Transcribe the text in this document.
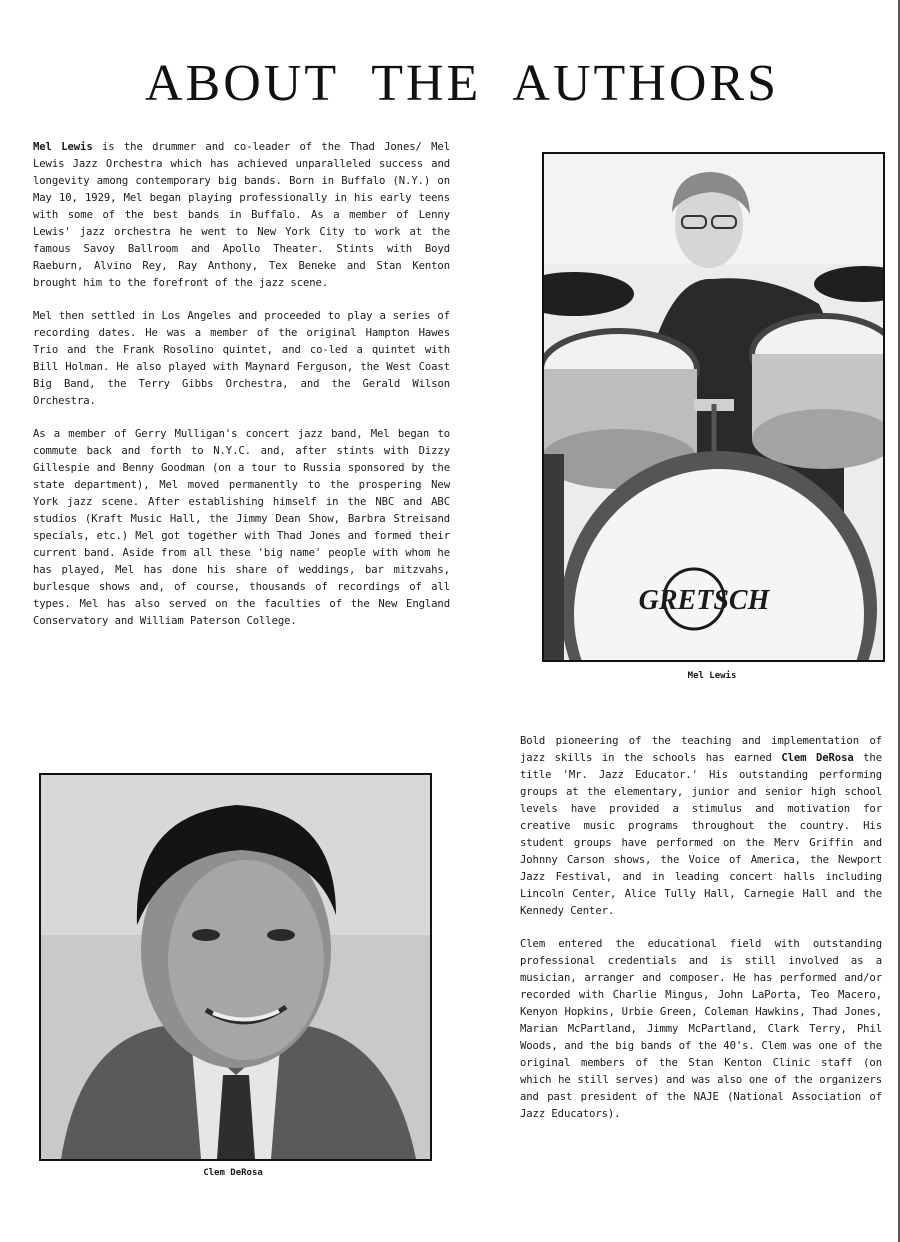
ABOUT THE AUTHORS

Mel Lewis is the drummer and co-leader of the Thad Jones/ Mel Lewis Jazz Orchestra which has achieved unparalleled success and longevity among contemporary big bands. Born in Buffalo (N.Y.) on May 10, 1929, Mel began playing professionally in his early teens with some of the best bands in Buffalo. As a member of Lenny Lewis' jazz orchestra he went to New York City to work at the famous Savoy Ballroom and Apollo Theater. Stints with Boyd Raeburn, Alvino Rey, Ray Anthony, Tex Beneke and Stan Kenton brought him to the forefront of the jazz scene.

Mel then settled in Los Angeles and proceeded to play a series of recording dates. He was a member of the original Hampton Hawes Trio and the Frank Rosolino quintet, and co-led a quintet with Bill Holman. He also played with Maynard Ferguson, the West Coast Big Band, the Terry Gibbs Orchestra, and the Gerald Wilson Orchestra.

As a member of Gerry Mulligan's concert jazz band, Mel began to commute back and forth to N.Y.C. and, after stints with Dizzy Gillespie and Benny Goodman (on a tour to Russia sponsored by the state department), Mel moved permanently to the prospering New York jazz scene. After establishing himself in the NBC and ABC studios (Kraft Music Hall, the Jimmy Dean Show, Barbra Streisand specials, etc.) Mel got together with Thad Jones and formed their current band. Aside from all these 'big name' people with whom he has played, Mel has done his share of weddings, bar mitzvahs, burlesque shows and, of course, thousands of recordings of all types. Mel has also served on the faculties of the New England Conservatory and William Paterson College.

GRETSCH
Mel Lewis

Bold pioneering of the teaching and implementation of jazz skills in the schools has earned Clem DeRosa the title 'Mr. Jazz Educator.' His outstanding performing groups at the elementary, junior and senior high school levels have provided a stimulus and motivation for creative music programs throughout the country. His student groups have performed on the Merv Griffin and Johnny Carson shows, the Voice of America, the Newport Jazz Festival, and in leading concert halls including Lincoln Center, Alice Tully Hall, Carnegie Hall and the Kennedy Center.

Clem entered the educational field with outstanding professional credentials and is still involved as a musician, arranger and composer. He has performed and/or recorded with Charlie Mingus, John LaPorta, Teo Macero, Kenyon Hopkins, Urbie Green, Coleman Hawkins, Thad Jones, Marian McPartland, Jimmy McPartland, Clark Terry, Phil Woods, and the big bands of the 40's. Clem was one of the original members of the Stan Kenton Clinic staff (on which he still serves) and was also one of the organizers and past president of the NAJE (National Association of Jazz Educators).

Clem DeRosa
